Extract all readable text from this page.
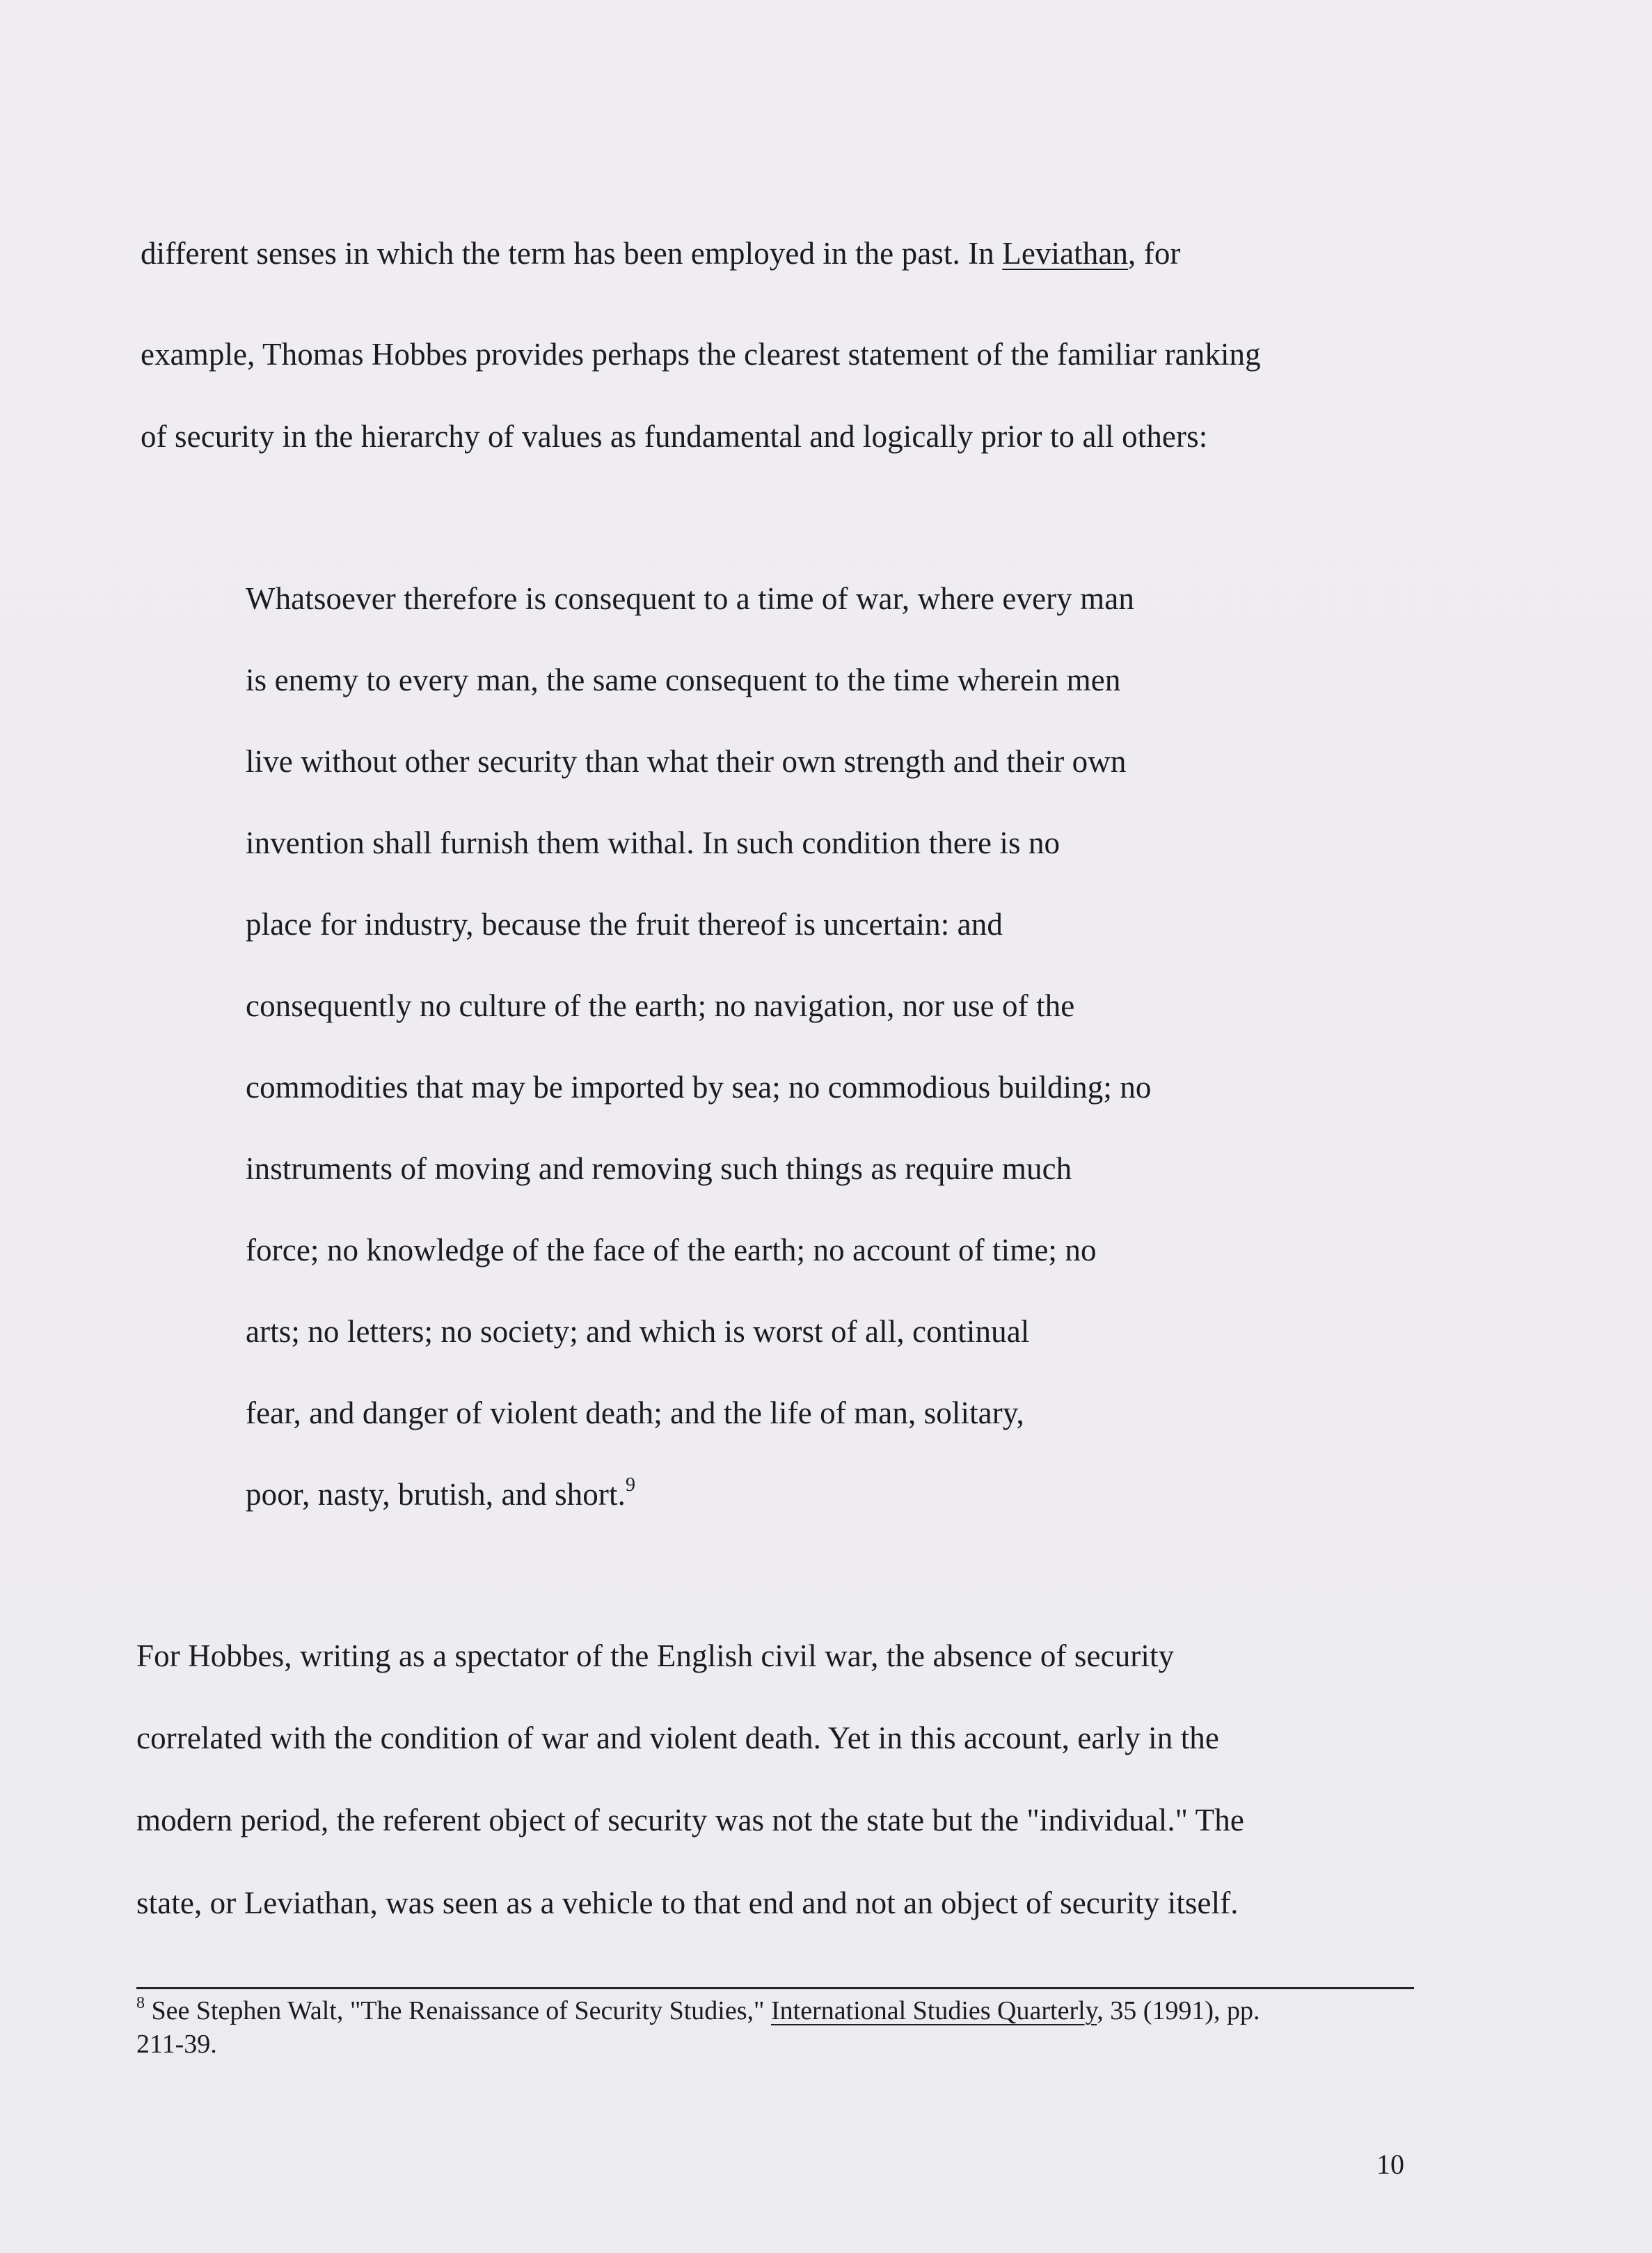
different senses in which the term has been employed in the past. In Leviathan, for
example, Thomas Hobbes provides perhaps the clearest statement of the familiar ranking
of security in the hierarchy of values as fundamental and logically prior to all others:
Whatsoever therefore is consequent to a time of war, where every man
is enemy to every man, the same consequent to the time wherein men
live without other security than what their own strength and their own
invention shall furnish them withal. In such condition there is no
place for industry, because the fruit thereof is uncertain: and
consequently no culture of the earth; no navigation, nor use of the
commodities that may be imported by sea; no commodious building; no
instruments of moving and removing such things as require much
force; no knowledge of the face of the earth; no account of time; no
arts; no letters; no society; and which is worst of all, continual
fear, and danger of violent death; and the life of man, solitary,
poor, nasty, brutish, and short.$^9$
For Hobbes, writing as a spectator of the English civil war, the absence of security
correlated with the condition of war and violent death. Yet in this account, early in the
modern period, the referent object of security was not the state but the "individual." The
state, or Leviathan, was seen as a vehicle to that end and not an object of security itself.
$^8$ See Stephen Walt, "The Renaissance of Security Studies," International Studies Quarterly, 35 (1991), pp.
211-39.
10
